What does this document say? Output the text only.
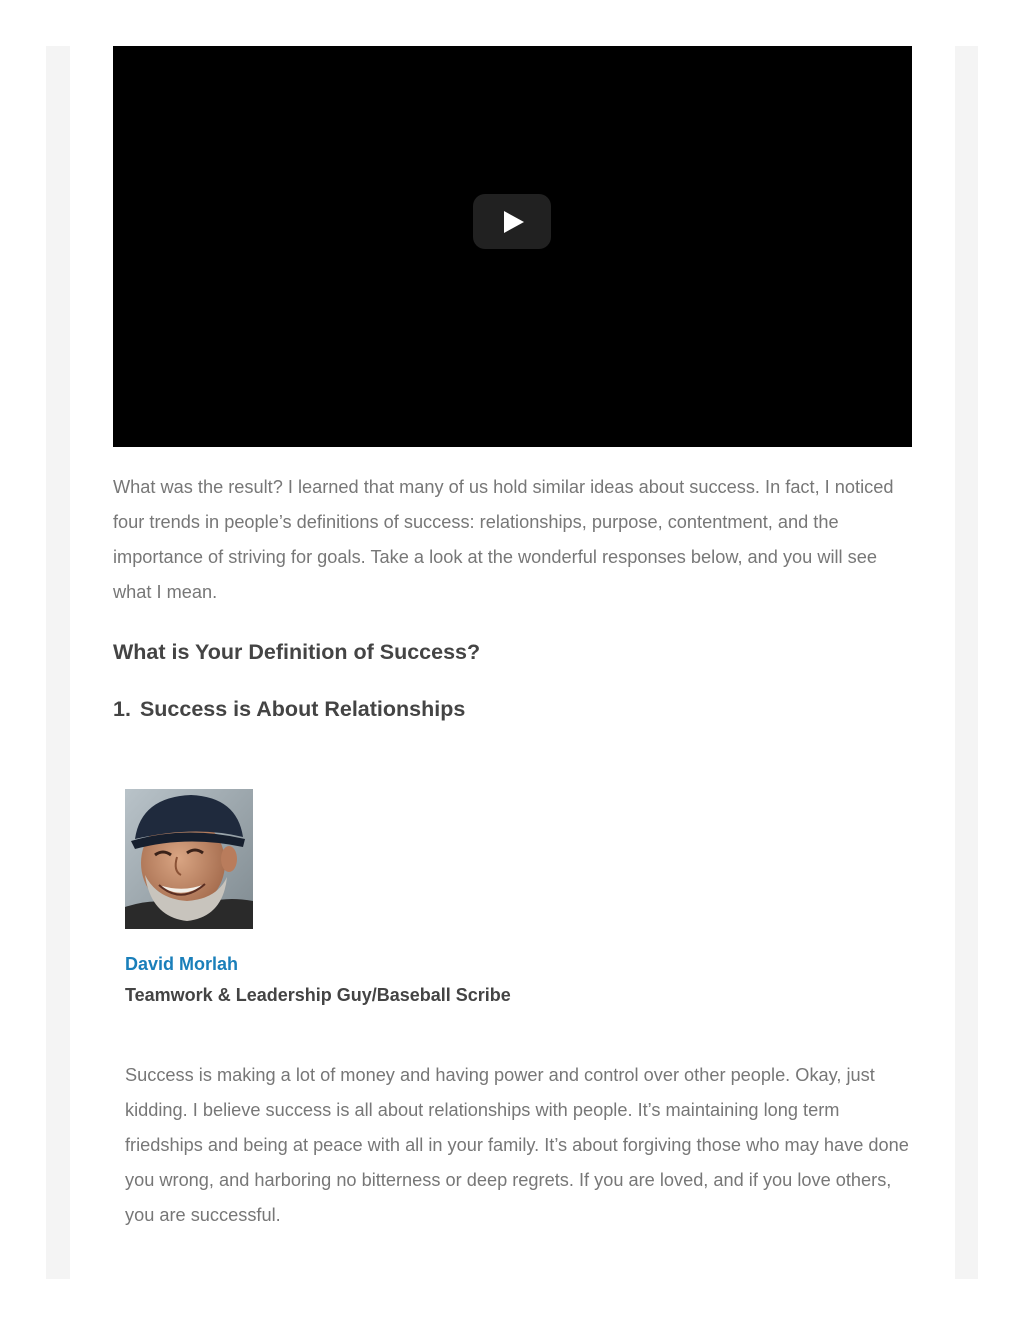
What was the result? I learned that many of us hold similar ideas about success. In fact, I noticed four trends in people’s definitions of success: relationships, purpose, contentment, and the importance of striving for goals. Take a look at the wonderful responses below, and you will see what I mean.

What is Your Definition of Success?
1. Success is About Relationships
David Morlah
Teamwork & Leadership Guy/Baseball Scribe

Success is making a lot of money and having power and control over other people. Okay, just kidding. I believe success is all about relationships with people. It’s maintaining long term friedships and being at peace with all in your family. It’s about forgiving those who may have done you wrong, and harboring no bitterness or deep regrets. If you are loved, and if you love others, you are successful.
